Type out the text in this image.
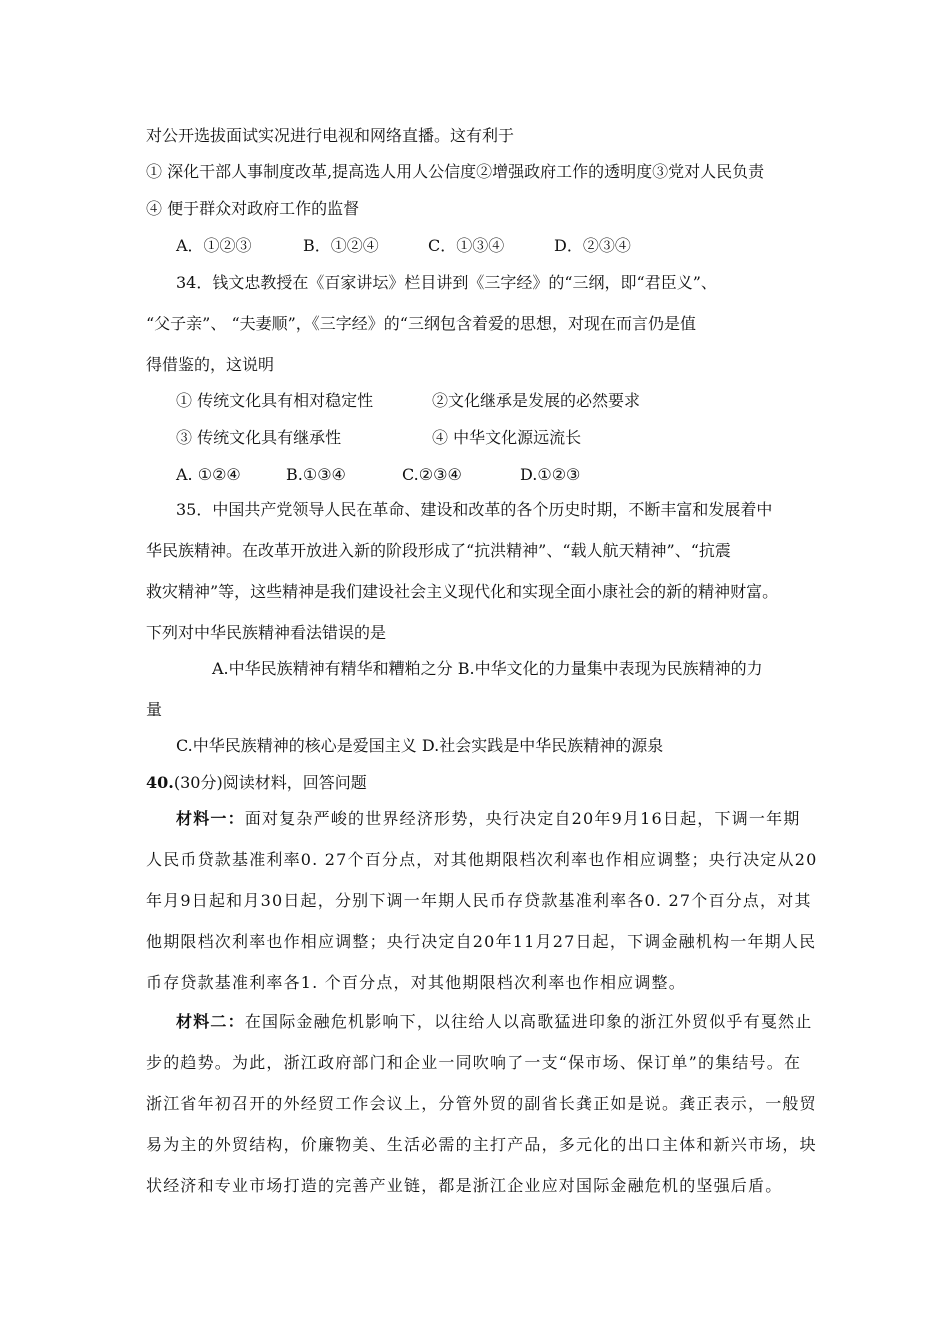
对公开选拔面试实况进行电视和网络直播。这有利于
① 深化干部人事制度改革,提高选人用人公信度②增强政府工作的透明度③党对人民负责
④ 便于群众对政府工作的监督
A．①②③	B．①②④	C．①③④	D．②③④
34．钱文忠教授在《百家讲坛》栏目讲到《三字经》的“三纲，即“君臣义”、
“父子亲”、 “夫妻顺”，《三字经》的“三纲包含着爱的思想，对现在而言仍是值
得借鉴的，这说明
① 传统文化具有相对稳定性	②文化继承是发展的必然要求
③ 传统文化具有继承性	④ 中华文化源远流长
A. ①②④	B.①③④	C.②③④	D.①②③
35．中国共产党领导人民在革命、建设和改革的各个历史时期，不断丰富和发展着中
华民族精神。在改革开放进入新的阶段形成了“抗洪精神”、“载人航天精神”、“抗震
救灾精神”等，这些精神是我们建设社会主义现代化和实现全面小康社会的新的精神财富。
下列对中华民族精神看法错误的是
A.中华民族精神有精华和糟粕之分 B.中华文化的力量集中表现为民族精神的力
量
C.中华民族精神的核心是爱国主义 D.社会实践是中华民族精神的源泉
40.(30分)阅读材料，回答问题
材料一：面对复杂严峻的世界经济形势，央行决定自20年9月16日起，下调一年期
人民币贷款基准利率0. 27个百分点，对其他期限档次利率也作相应调整；央行决定从20
年月9日起和月30日起，分别下调一年期人民币存贷款基准利率各0. 27个百分点，对其
他期限档次利率也作相应调整；央行决定自20年11月27日起，下调金融机构一年期人民
币存贷款基准利率各1. 个百分点，对其他期限档次利率也作相应调整。
材料二：在国际金融危机影响下，以往给人以高歌猛进印象的浙江外贸似乎有戛然止
步的趋势。为此，浙江政府部门和企业一同吹响了一支“保市场、保订单”的集结号。在
浙江省年初召开的外经贸工作会议上，分管外贸的副省长龚正如是说。龚正表示，一般贸
易为主的外贸结构，价廉物美、生活必需的主打产品，多元化的出口主体和新兴市场，块
状经济和专业市场打造的完善产业链，都是浙江企业应对国际金融危机的坚强后盾。
